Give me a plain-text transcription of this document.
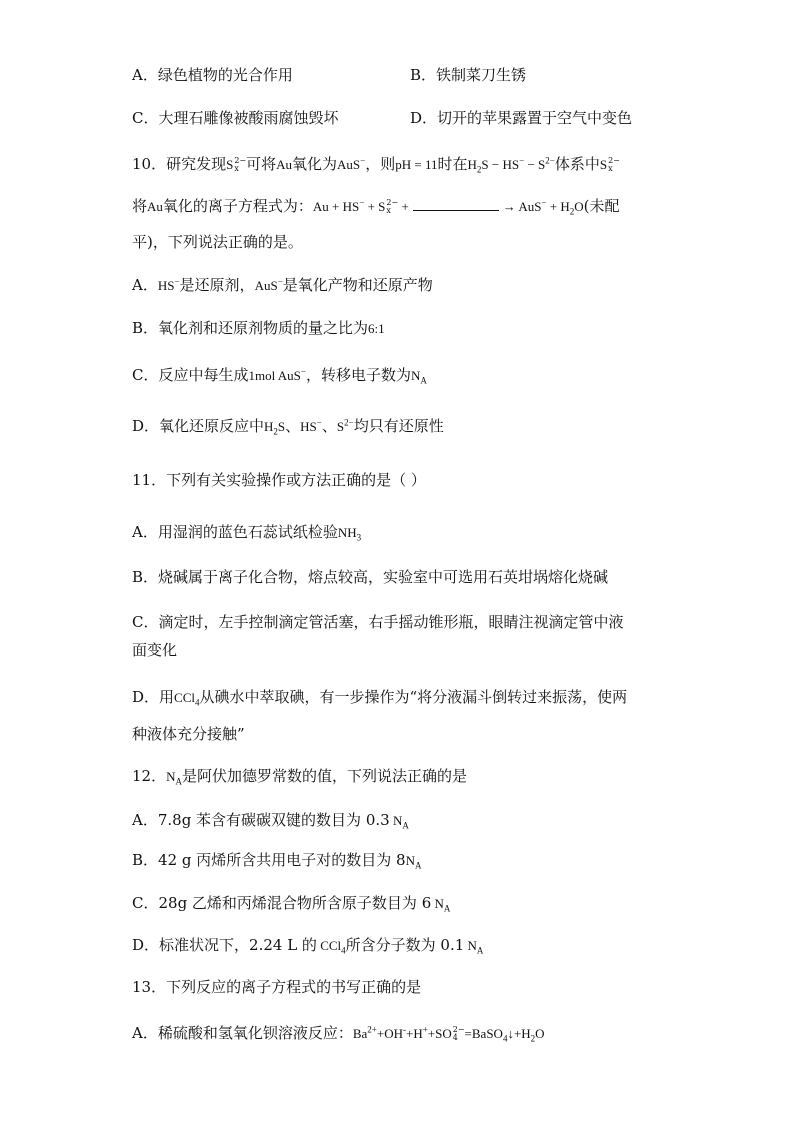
A．绿色植物的光合作用	B．铁制菜刀生锈
C．大理石雕像被酸雨腐蚀毁坏	D．切开的苹果露置于空气中变色
10．研究发现S 2−
x 可将Au氧化为AuS−，则pH = 11时在$H_2S - HS^- - S^{2-}$体系中S 2−
x
将Au氧化的离子方程式为：Au + HS− + S 2−
x +	→ $AuS^- + H_2O$(未配
平)，下列说法正确的是。
A．HS−是还原剂，AuS−是氧化产物和还原产物
B．氧化剂和还原剂物质的量之比为6:1
C．反应中每生成1mol AuS−，转移电子数为$N_A$
D．氧化还原反应中$H_2S$、HS−、$S^{2-}$均只有还原性
11．下列有关实验操作或方法正确的是（ ）
A．用湿润的蓝色石蕊试纸检验$NH_3$
B．烧碱属于离子化合物，熔点较高，实验室中可选用石英坩埚熔化烧碱
C．滴定时，左手控制滴定管活塞，右手摇动锥形瓶，眼睛注视滴定管中液
面变化
D．用CCl$_4$从碘水中萃取碘，有一步操作为“将分液漏斗倒转过来振荡，使两
种液体充分接触”
12．$N_A$是阿伏加德罗常数的值，下列说法正确的是
A．7.8g 苯含有碳碳双键的数目为 0.3 $N_A$
B．42 g 丙烯所含共用电子对的数目为 $8N_A$
C．28g 乙烯和丙烯混合物所含原子数目为 6 $N_A$
D．标准状况下，2.24 L 的 CCl$_4$所含分子数为 0.1 $N_A$
13．下列反应的离子方程式的书写正确的是
A．稀硫酸和氢氧化钡溶液反应：$Ba^{2+}+OH^-+H^++SO$ 2−
$4 =BaSO_4↓+H_2O$
